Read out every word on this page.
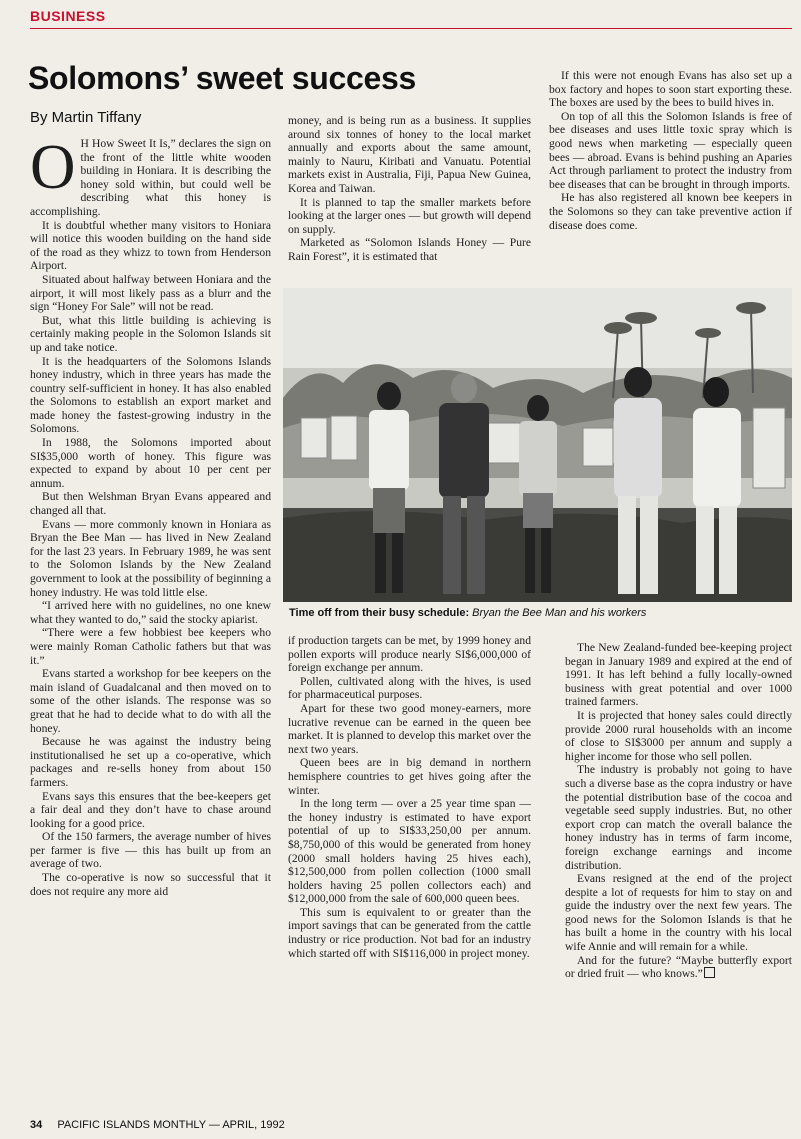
BUSINESS
Solomons’ sweet success
By Martin Tiffany
O H How Sweet It Is,” declares the sign on the front of the little white wooden building in Honiara. It is describing the honey sold within, but could well be describing what this honey is accomplishing.

It is doubtful whether many visitors to Honiara will notice this wooden building on the hand side of the road as they whizz to town from Henderson Airport.

Situated about halfway between Honiara and the airport, it will most likely pass as a blurr and the sign “Honey For Sale” will not be read.

But, what this little building is achieving is certainly making people in the Solomon Islands sit up and take notice.

It is the headquarters of the Solomons Islands honey industry, which in three years has made the country self-sufficient in honey. It has also enabled the Solomons to establish an export market and made honey the fastest-growing industry in the Solomons.

In 1988, the Solomons imported about SI$35,000 worth of honey. This figure was expected to expand by about 10 per cent per annum.

But then Welshman Bryan Evans appeared and changed all that.

Evans — more commonly known in Honiara as Bryan the Bee Man — has lived in New Zealand for the last 23 years. In February 1989, he was sent to the Solomon Islands by the New Zealand government to look at the possibility of beginning a honey industry. He was told little else.

“I arrived here with no guidelines, no one knew what they wanted to do,” said the stocky apiarist.

“There were a few hobbiest bee keepers who were mainly Roman Catholic fathers but that was it.”

Evans started a workshop for bee keepers on the main island of Guadalcanal and then moved on to some of the other islands. The response was so great that he had to decide what to do with all the honey.

Because he was against the industry being institutionalised he set up a co-operative, which packages and re-sells honey from about 150 farmers.

Evans says this ensures that the bee-keepers get a fair deal and they don’t have to chase around looking for a good price.

Of the 150 farmers, the average number of hives per farmer is five — this has built up from an average of two.

The co-operative is now so successful that it does not require any more aid

money, and is being run as a business. It supplies around six tonnes of honey to the local market annually and exports about the same amount, mainly to Nauru, Kiribati and Vanuatu. Potential markets exist in Australia, Fiji, Papua New Guinea, Korea and Taiwan.

It is planned to tap the smaller markets before looking at the larger ones — but growth will depend on supply.

Marketed as “Solomon Islands Honey — Pure Rain Forest”, it is estimated that

If this were not enough Evans has also set up a box factory and hopes to soon start exporting these. The boxes are used by the bees to build hives in.

On top of all this the Solomon Islands is free of bee diseases and uses little toxic spray which is good news when marketing — especially queen bees — abroad. Evans is behind pushing an Aparies Act through parliament to protect the industry from bee diseases that can be brought in through imports.

He has also registered all known bee keepers in the Solomons so they can take preventive action if disease does come.

Time off from their busy schedule: Bryan the Bee Man and his workers

if production targets can be met, by 1999 honey and pollen exports will produce nearly SI$6,000,000 of foreign exchange per annum.

Pollen, cultivated along with the hives, is used for pharmaceutical purposes.

Apart for these two good money-earners, more lucrative revenue can be earned in the queen bee market. It is planned to develop this market over the next two years.

Queen bees are in big demand in northern hemisphere countries to get hives going after the winter.

In the long term — over a 25 year time span — the honey industry is estimated to have export potential of up to SI$33,250,00 per annum. $8,750,000 of this would be generated from honey (2000 small holders having 25 hives each), $12,500,000 from pollen collection (1000 small holders having 25 pollen collectors each) and $12,000,000 from the sale of 600,000 queen bees.

This sum is equivalent to or greater than the import savings that can be generated from the cattle industry or rice production. Not bad for an industry which started off with SI$116,000 in project money.

The New Zealand-funded bee-keeping project began in January 1989 and expired at the end of 1991. It has left behind a fully locally-owned business with great potential and over 1000 trained farmers.

It is projected that honey sales could directly provide 2000 rural households with an income of close to SI$3000 per annum and supply a higher income for those who sell pollen.

The industry is probably not going to have such a diverse base as the copra industry or have the potential distribution base of the cocoa and vegetable seed supply industries. But, no other export crop can match the overall balance the honey industry has in terms of farm income, foreign exchange earnings and income distribution.

Evans resigned at the end of the project despite a lot of requests for him to stay on and guide the industry over the next few years. The good news for the Solomon Islands is that he has built a home in the country with his local wife Annie and will remain for a while.

And for the future? “Maybe butterfly export or dried fruit — who knows.”

34 PACIFIC ISLANDS MONTHLY — APRIL, 1992
